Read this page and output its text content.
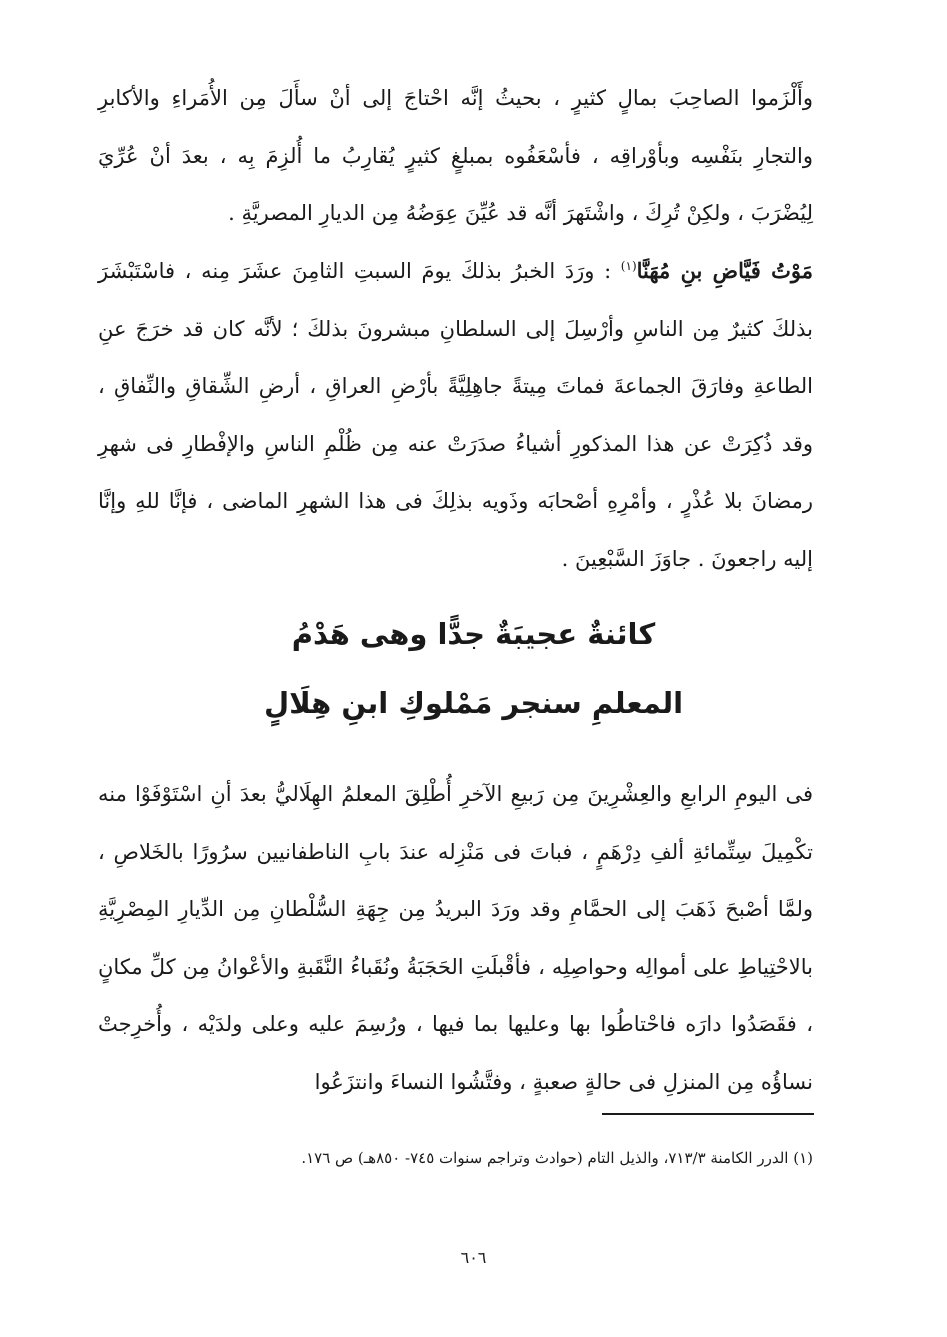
وأَلْزَموا الصاحِبَ بمالٍ كثيرٍ ، بحيثُ إنَّه احْتاجَ إلى أنْ سأَلَ مِن الأُمَراءِ والأكابرِ والتجارِ بنَفْسِه وبأوْراقِه ، فأسْعَفُوه بمبلغٍ كثيرٍ يُقارِبُ ما أُلزِمَ بِه ، بعدَ أنْ عُرِّيَ لِيُضْرَبَ ، ولكِنْ تُرِكَ ، واشْتَهرَ أنَّه قد عُيِّنَ عِوَضُهُ مِن الديارِ المصريَّةِ .

مَوْتُ فَيَّاضِ بنِ مُهَنَّا$^{(١)}$ : ورَدَ الخبرُ بذلكَ يومَ السبتِ الثامِنَ عشَرَ مِنه ، فاسْتَبْشَرَ بذلكَ كثيرٌ مِن الناسِ وأرْسِلَ إلى السلطانِ مبشرونَ بذلكَ ؛ لأنَّه كان قد خرَجَ عنِ الطاعةِ وفارَقَ الجماعةَ فماتَ مِيتةً جاهِلِيَّةً بأرْضِ العراقِ ، أرضِ الشِّقاقِ والنِّفاقِ ، وقد ذُكِرَتْ عن هذا المذكورِ أشياءُ صدَرَتْ عنه مِن ظُلْمِ الناسِ والإفْطارِ فى شهرِ رمضانَ بلا عُذْرٍ ، وأمْرِهِ أصْحابَه وذَويه بذلِكَ فى هذا الشهرِ الماضى ، فإنَّا للهِ وإنَّا إليه راجعونَ . جاوَزَ السَّبْعِينَ .

كائنةٌ عجيبَةٌ جدًّا وهى هَدْمُ
المعلمِ سنجر مَمْلوكِ ابنِ هِلَالٍ

فى اليومِ الرابعِ والعِشْرِينَ مِن رَبيعِ الآخرِ أُطْلِقَ المعلمُ الهِلَاليُّ بعدَ أنِ اسْتَوْفَوْا منه تكْمِيلَ سِتِّمائةِ ألفِ دِرْهَمٍ ، فباتَ فى مَنْزِله عندَ بابِ الناطفانيين سرُورًا بالخَلاصِ ، ولمَّا أصْبحَ ذَهَبَ إلى الحمَّامِ وقد ورَدَ البريدُ مِن جِهَةِ السُّلْطانِ مِن الدِّيارِ المِصْرِيَّةِ بالاحْتِياطِ على أموالِه وحواصِلِه ، فأقْبلَتِ الحَجَبَةُ ونُقَباءُ النَّقَبةِ والأعْوانُ مِن كلِّ مكانٍ ، فقَصَدُوا دارَه فاحْتاطُوا بها وعليها بما فيها ، ورُسِمَ عليه وعلى ولدَيْه ، وأُخرِجتْ نساؤُه مِن المنزلِ فى حالةٍ صعبةٍ ، وفتَّشُوا النساءَ وانتزَعُوا

(١) الدرر الكامنة ٧١٣/٣، والذيل التام (حوادث وتراجم سنوات ٧٤٥- ٨٥٠هـ) ص ١٧٦.

٦٠٦
